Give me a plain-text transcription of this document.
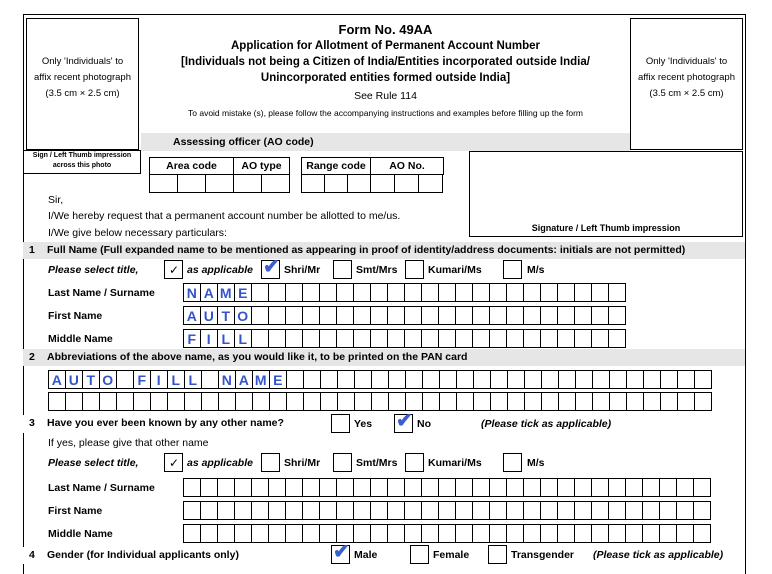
Only 'Individuals' to
affix recent photograph
(3.5 cm × 2.5 cm)
Sign / Left Thumb impression
across this photo
Only 'Individuals' to
affix recent photograph
(3.5 cm × 2.5 cm)
Form No. 49AA
Application for Allotment of Permanent Account Number
[Individuals not being a Citizen of India/Entities incorporated outside India/
Unincorporated entities formed outside India]
See Rule 114
To avoid mistake (s), please follow the accompanying instructions and examples before filling up the form
Assessing officer (AO code)
Area code	AO type	Range code	AO No.
Signature / Left Thumb impression
Sir,
I/We hereby request that a permanent account number be allotted to me/us.
I/We give below necessary particulars:
1 Full Name (Full expanded name to be mentioned as appearing in proof of identity/address documents: initials are not permitted)
Please select title,	✓ as applicable ✔ Shri/Mr	Smt/Mrs	Kumari/Ms	M/s
Last Name / Surname N A M E
First Name	A U T O
Middle Name	F I L L
2 Abbreviations of the above name, as you would like it, to be printed on the PAN card
A U T O	F I L L	N A M E
3 Have you ever been known by any other name?	Yes ✔ No	(Please tick as applicable)
If yes, please give that other name
Please select title,	✓ as applicable	Shri/Mr	Smt/Mrs	Kumari/Ms	M/s
Last Name / Surname
First Name
Middle Name
4 Gender (for Individual applicants only)	✔ Male	Female	Transgender (Please tick as applicable)
